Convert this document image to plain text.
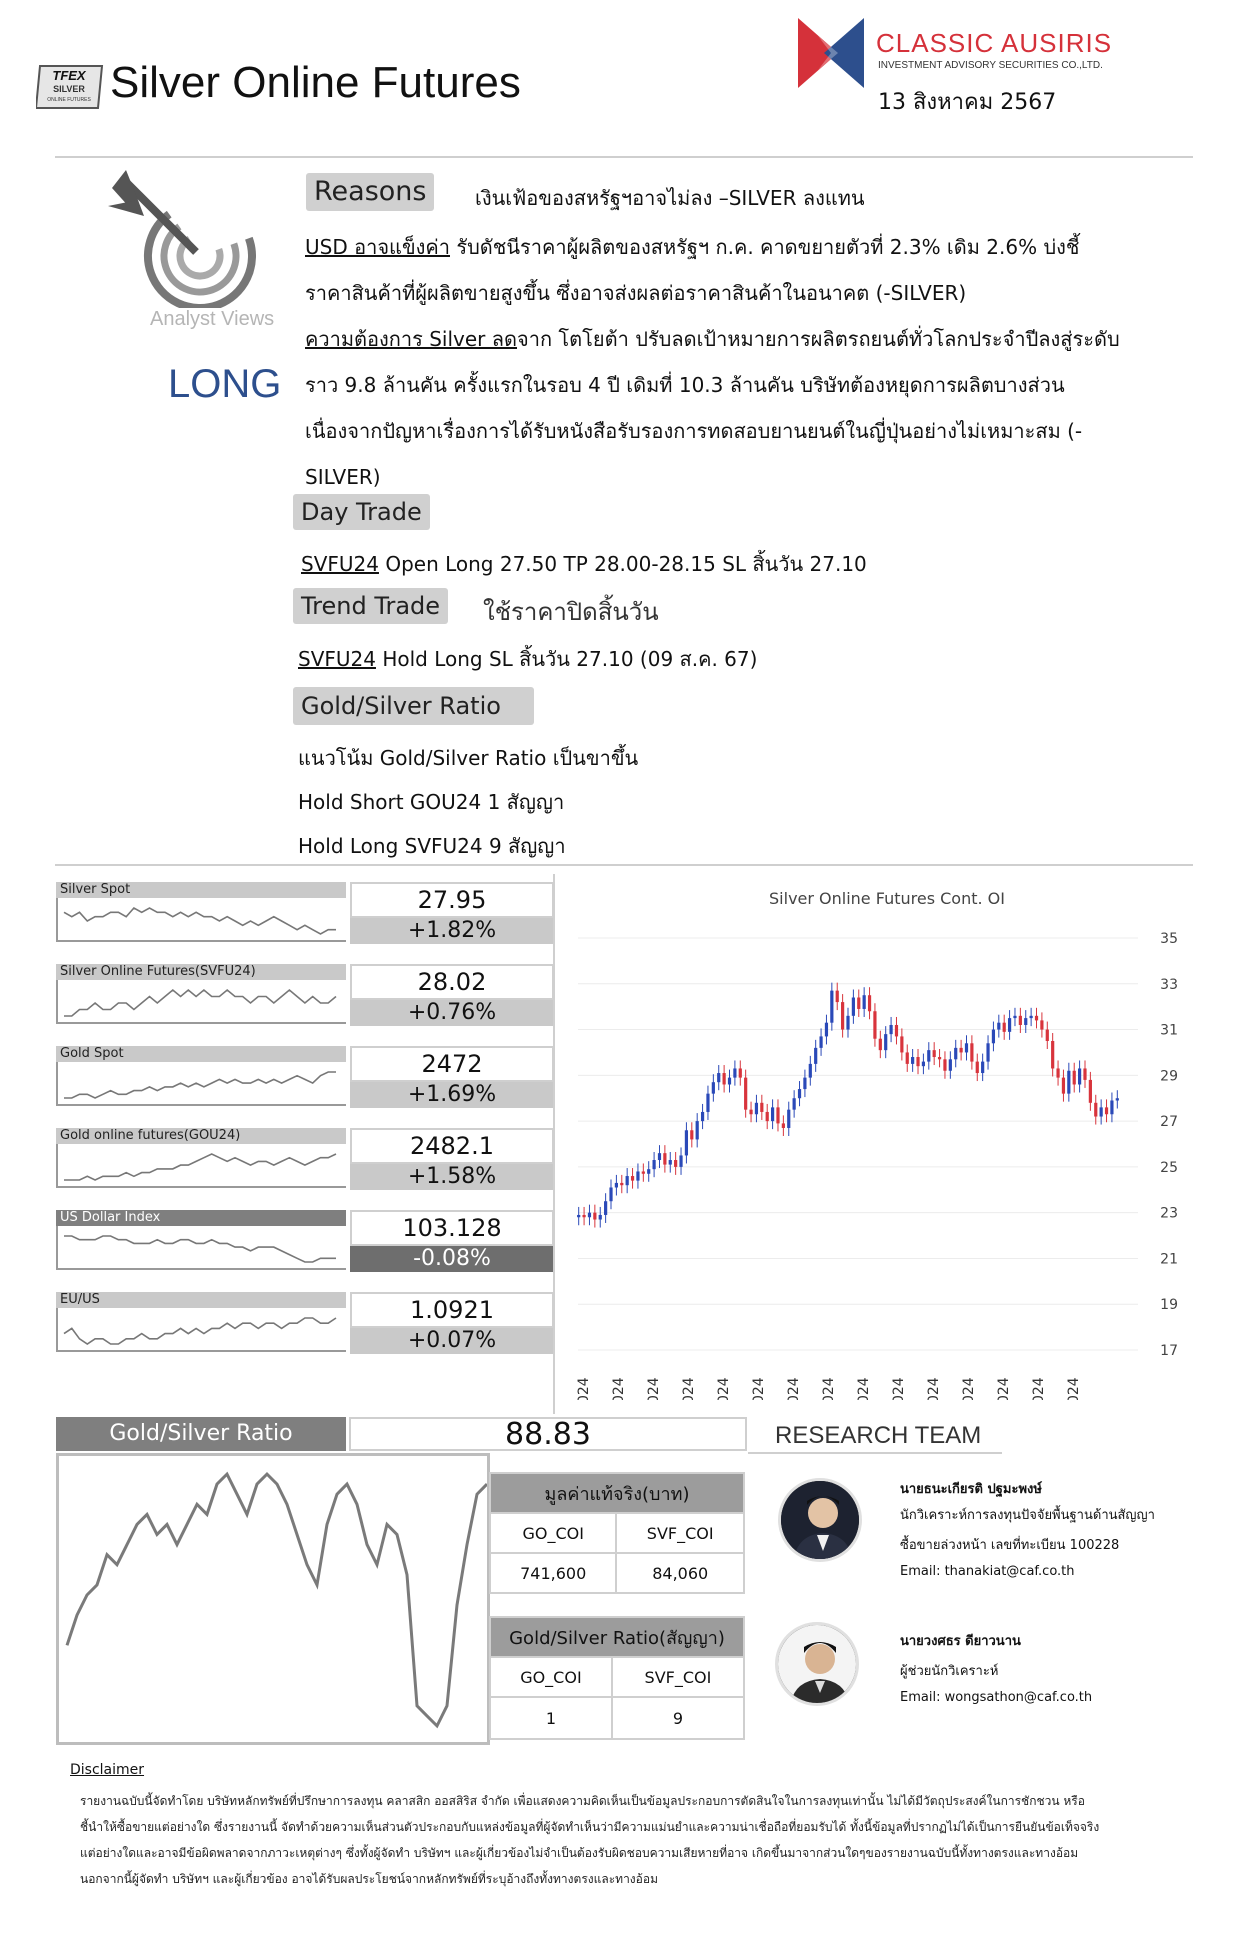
TFEX
SILVER
ONLINE FUTURES Silver Online Futures
CLASSIC AUSIRIS
INVESTMENT ADVISORY SECURITIES CO.,LTD.
13 สิงหาคม 2567
Analyst Views
LONG
Reasons	เงินเฟ้อของสหรัฐฯอาจไม่ลง –SILVER ลงแทน
USD อาจแข็งค่า รับดัชนีราคาผู้ผลิตของสหรัฐฯ ก.ค. คาดขยายตัวที่ 2.3% เดิม 2.6% บ่งชี้
ราคาสินค้าที่ผู้ผลิตขายสูงขึ้น ซึ่งอาจส่งผลต่อราคาสินค้าในอนาคต (-SILVER)
ความต้องการ Silver ลดจาก โตโยต้า ปรับลดเป้าหมายการผลิตรถยนต์ทั่วโลกประจำปีลงสู่ระดับ
ราว 9.8 ล้านคัน ครั้งแรกในรอบ 4 ปี เดิมที่ 10.3 ล้านคัน บริษัทต้องหยุดการผลิตบางส่วน
เนื่องจากปัญหาเรื่องการได้รับหนังสือรับรองการทดสอบยานยนต์ในญี่ปุ่นอย่างไม่เหมาะสม (-
SILVER)
Day Trade
SVFU24 Open Long 27.50 TP 28.00-28.15 SL สิ้นวัน 27.10
Trend Trade	ใช้ราคาปิดสิ้นวัน
SVFU24 Hold Long SL สิ้นวัน 27.10 (09 ส.ค. 67)
Gold/Silver Ratio
แนวโน้ม Gold/Silver Ratio เป็นขาขึ้น
Hold Short GOU24 1 สัญญา
Hold Long SVFU24 9 สัญญา
Silver Spot	27.95
+1.82%
Silver Online Futures(SVFU24)	28.02
+0.76%
Gold Spot	2472
+1.69%
Gold online futures(GOU24)	2482.1
+1.58%
US Dollar Index	103.128
-0.08%
EU/US	1.0921
+0.07%
Silver Online Futures Cont. OI
17
19
21
23
25
27
29
31
33
35
Gold/Silver Ratio	88.83
มูลค่าแท้จริง(บาท)	
GO_COI	SVF_COI
741,600	84,060
Gold/Silver Ratio(สัญญา)	
GO_COI	SVF_COI
1	9
RESEARCH TEAM
นายธนะเกียรติ ปฐมะพงษ์
นักวิเคราะห์การลงทุนปัจจัยพื้นฐานด้านสัญญา
ซื้อขายล่วงหน้า เลขที่ทะเบียน 100228
Email: thanakiat@caf.co.th
นายวงศธร ดียาวนาน
ผู้ช่วยนักวิเคราะห์
Email: wongsathon@caf.co.th
Disclaimer
รายงานฉบับนี้จัดทำโดย บริษัทหลักทรัพย์ที่ปรึกษาการลงทุน คลาสสิก ออสสิริส จำกัด เพื่อแสดงความคิดเห็นเป็นข้อมูลประกอบการตัดสินใจในการลงทุนเท่านั้น ไม่ได้มีวัตถุประสงค์ในการชักชวน หรือ
ชี้นำให้ซื้อขายแต่อย่างใด ซึ่งรายงานนี้ จัดทำด้วยความเห็นส่วนตัวประกอบกับแหล่งข้อมูลที่ผู้จัดทำเห็นว่ามีความแม่นยำและความน่าเชื่อถือที่ยอมรับได้ ทั้งนี้ข้อมูลที่ปรากฏไม่ได้เป็นการยืนยันข้อเท็จจริง
แต่อย่างใดและอาจมีข้อผิดพลาดจากภาวะเหตุต่างๆ ซึ่งทั้งผู้จัดทำ บริษัทฯ และผู้เกี่ยวข้องไม่จำเป็นต้องรับผิดชอบความเสียหายที่อาจ เกิดขึ้นมาจากส่วนใดๆของรายงานฉบับนี้ทั้งทางตรงและทางอ้อม
นอกจากนี้ผู้จัดทำ บริษัทฯ และผู้เกี่ยวข้อง อาจได้รับผลประโยชน์จากหลักทรัพย์ที่ระบุอ้างถึงทั้งทางตรงและทางอ้อม
